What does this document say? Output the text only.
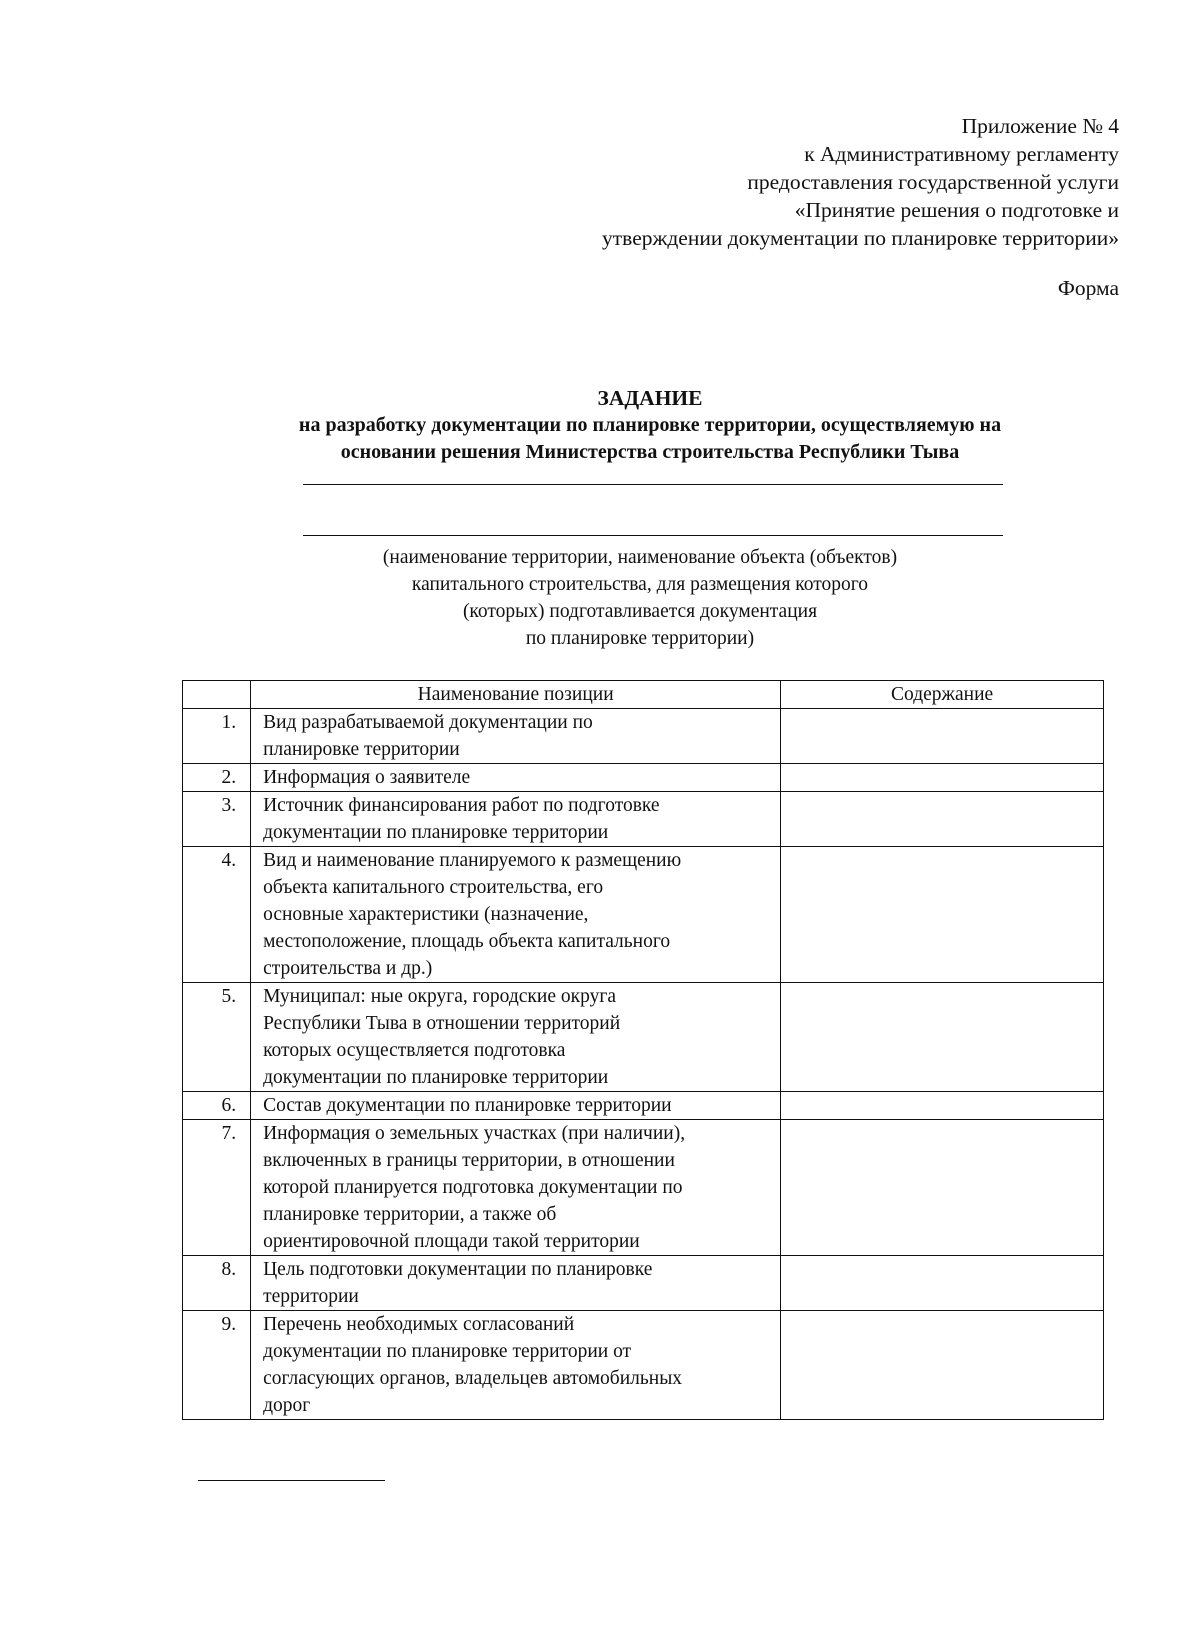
Приложение № 4
к Административному регламенту
предоставления государственной услуги
«Принятие решения о подготовке и
утверждении документации по планировке территории»
Форма
ЗАДАНИЕ
на разработку документации по планировке территории, осуществляемую на
основании решения Министерства строительства Республики Тыва
(наименование территории, наименование объекта (объектов)
капитального строительства, для размещения которого
(которых) подготавливается документация
по планировке территории)
	Наименование позиции	Содержание
1.	Вид разрабатываемой документации по
планировке территории	

2.	Информация о заявителе	

3.	Источник финансирования работ по подготовке
документации по планировке территории	

4.	Вид и наименование планируемого к размещению
объекта капитального строительства, его
основные характеристики (назначение,
местоположение, площадь объекта капитального
строительства и др.)	

5.	Муниципал: ные округа, городские округа
Республики Тыва в отношении территорий
которых осуществляется подготовка
документации по планировке территории	

6.	Состав документации по планировке территории	

7.	Информация о земельных участках (при наличии),
включенных в границы территории, в отношении
которой планируется подготовка документации по
планировке территории, а также об
ориентировочной площади такой территории	

8.	Цель подготовки документации по планировке
территории	

9.	Перечень необходимых согласований
документации по планировке территории от
согласующих органов, владельцев автомобильных
дорог	
